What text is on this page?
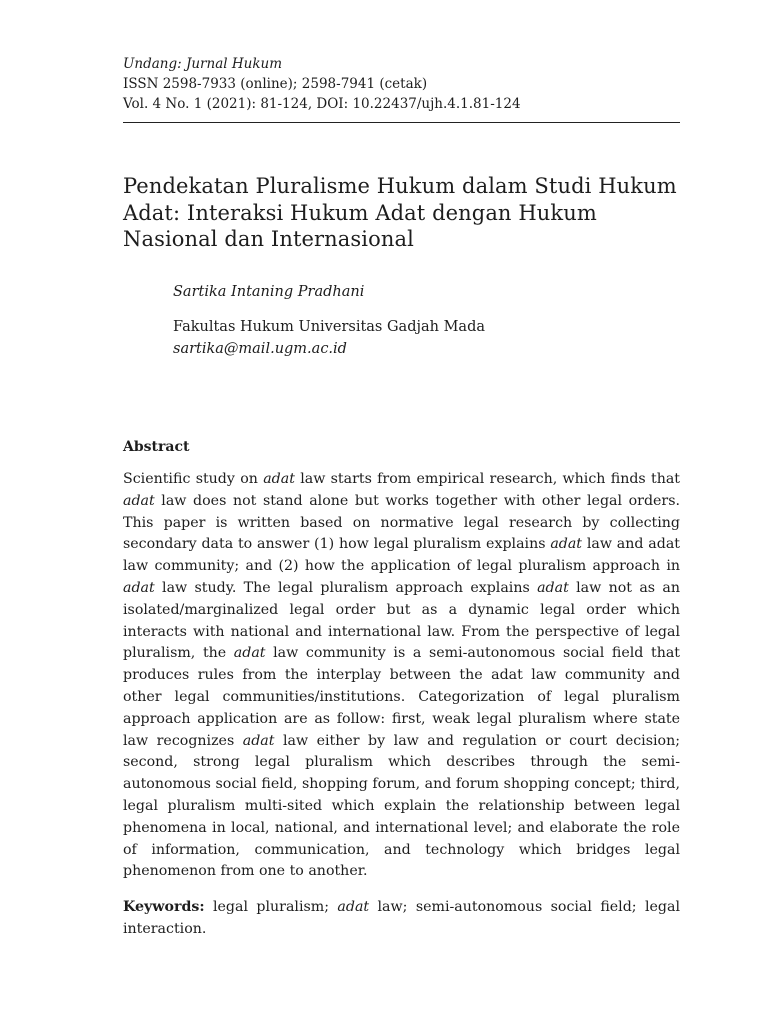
Undang: Jurnal Hukum
ISSN 2598-7933 (online); 2598-7941 (cetak)
Vol. 4 No. 1 (2021): 81-124, DOI: 10.22437/ujh.4.1.81-124
Pendekatan Pluralisme Hukum dalam Studi Hukum Adat: Interaksi Hukum Adat dengan Hukum Nasional dan Internasional
Sartika Intaning Pradhani
Fakultas Hukum Universitas Gadjah Mada
sartika@mail.ugm.ac.id
Abstract

Scientific study on adat law starts from empirical research, which finds that adat law does not stand alone but works together with other legal orders. This paper is written based on normative legal research by collecting secondary data to answer (1) how legal pluralism explains adat law and adat law community; and (2) how the application of legal pluralism approach in adat law study. The legal pluralism approach explains adat law not as an isolated/marginalized legal order but as a dynamic legal order which interacts with national and international law. From the perspective of legal pluralism, the adat law community is a semi-autonomous social field that produces rules from the interplay between the adat law community and other legal communities/institutions. Categorization of legal pluralism approach application are as follow: first, weak legal pluralism where state law recognizes adat law either by law and regulation or court decision; second, strong legal pluralism which describes through the semi-autonomous social field, shopping forum, and forum shopping concept; third, legal pluralism multi-sited which explain the relationship between legal phenomena in local, national, and international level; and elaborate the role of information, communication, and technology which bridges legal phenomenon from one to another.

Keywords: legal pluralism; adat law; semi-autonomous social field; legal interaction.
